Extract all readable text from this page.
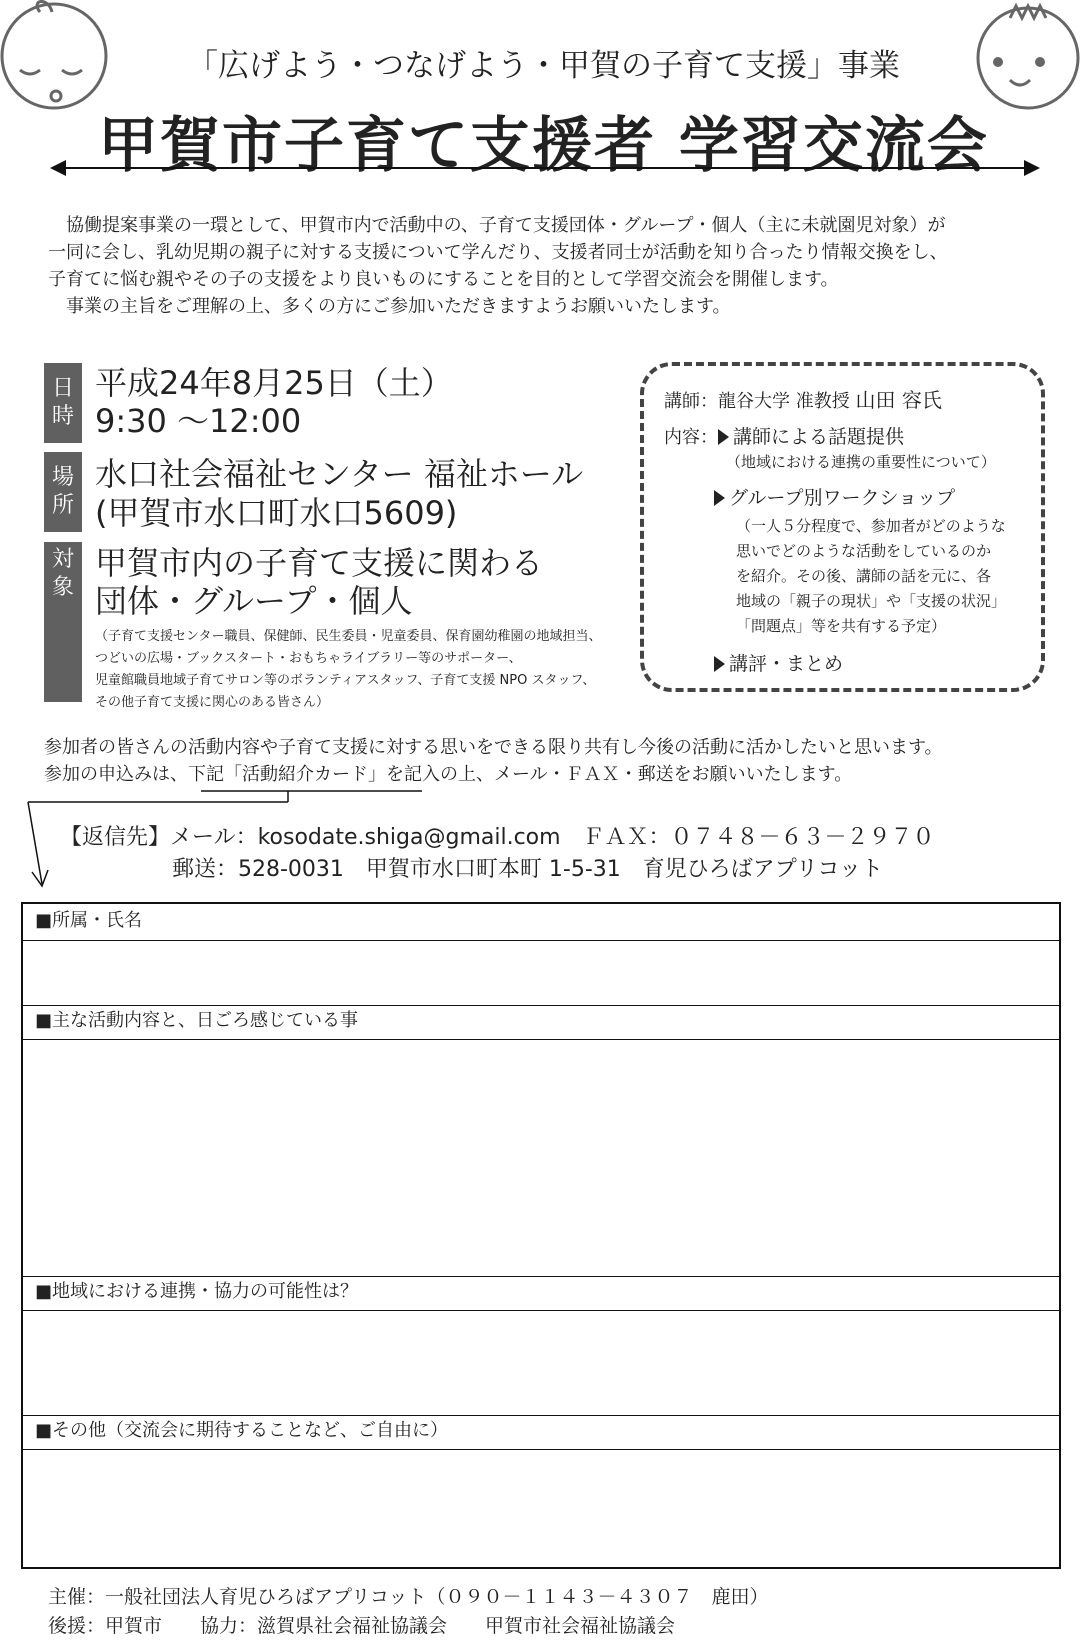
「広げよう・つなげよう・甲賀の子育て支援」事業
甲賀市子育て支援者 学習交流会

　協働提案事業の一環として、甲賀市内で活動中の、子育て支援団体・グループ・個人（主に未就園児対象）が

一同に会し、乳幼児期の親子に対する支援について学んだり、支援者同士が活動を知り合ったり情報交換をし、

子育てに悩む親やその子の支援をより良いものにすることを目的として学習交流会を開催します。

　事業の主旨をご理解の上、多くの方にご参加いただきますようお願いいたします。

日
時
平成24年8月25日（土）
9:30 〜12:00
場
所
水口社会福祉センター 福祉ホール
(甲賀市水口町水口5609)
対
象
甲賀市内の子育て支援に関わる
団体・グループ・個人
（子育て支援センター職員、保健師、民生委員・児童委員、保育園幼稚園の地域担当、
つどいの広場・ブックスタート・おもちゃライブラリー等のサポーター、
児童館職員地域子育てサロン等のボランティアスタッフ、子育て支援 NPO スタッフ、
その他子育て支援に関心のある皆さん）
講師：龍谷大学 准教授 山田 容氏
内容： 講師による話題提供
（地域における連携の重要性について）
グループ別ワークショップ
（一人５分程度で、参加者がどのような
思いでどのような活動をしているのか
を紹介。その後、講師の話を元に、各
地域の「親子の現状」や「支援の状況」
「問題点」等を共有する予定）
講評・まとめ
参加者の皆さんの活動内容や子育て支援に対する思いをできる限り共有し今後の活動に活かしたいと思います。
参加の申込みは、下記「活動紹介カード」を記入の上、メール・ＦＡＸ・郵送をお願いいたします。
【返信先】メール：kosodate.shiga@gmail.com　ＦＡＸ：０７４８－６３－２９７０
郵送：528-0031　甲賀市水口町本町 1-5-31　育児ひろばアプリコット
■所属・氏名
■主な活動内容と、日ごろ感じている事
■地域における連携・協力の可能性は？
■その他（交流会に期待することなど、ご自由に）
主催：一般社団法人育児ひろばアプリコット（０９０－１１４３－４３０７　鹿田）
後援：甲賀市　　協力：滋賀県社会福祉協議会　　甲賀市社会福祉協議会
